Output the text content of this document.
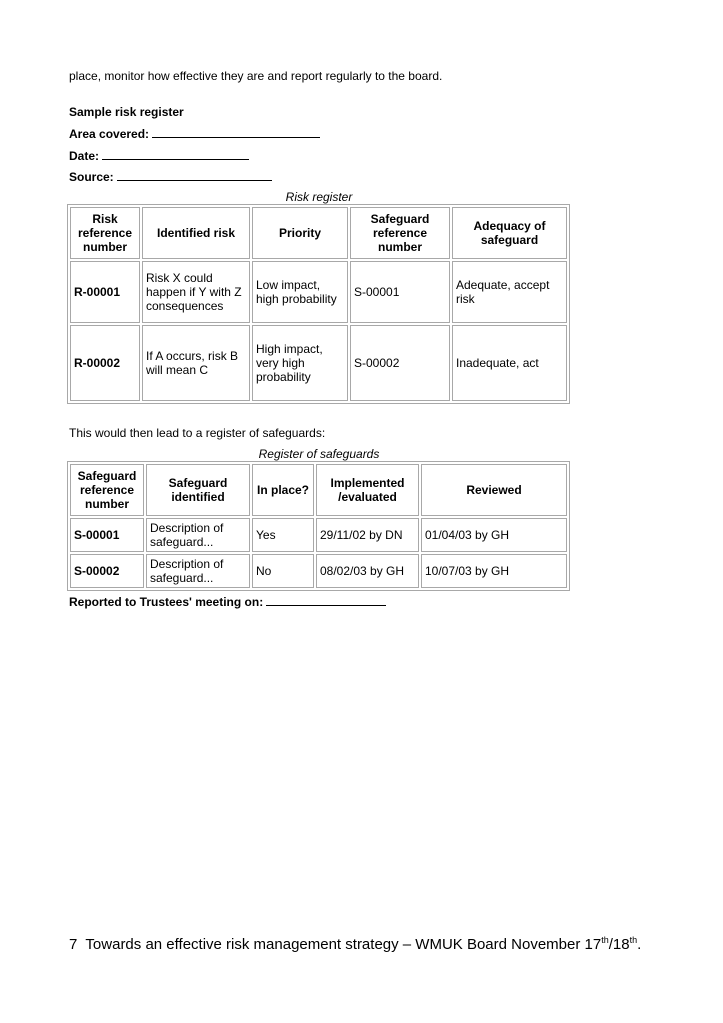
place, monitor how effective they are and report regularly to the board.
Sample risk register
Area covered:
Date:
Source:
Risk register
Risk reference number	Identified risk	Priority	Safeguard reference number	Adequacy of safeguard
R-00001	Risk X could happen if Y with Z consequences	Low impact, high probability	S-00001	Adequate, accept risk
R-00002	If A occurs, risk B will mean C	High impact, very high probability	S-00002	Inadequate, act
This would then lead to a register of safeguards:
Register of safeguards
Safeguard reference number	Safeguard identified	In place?	Implemented /evaluated	Reviewed
S-00001	Description of safeguard...	Yes	29/11/02 by DN	01/04/03 by GH
S-00002	Description of safeguard...	No	08/02/03 by GH	10/07/03 by GH
Reported to Trustees' meeting on:
7 Towards an effective risk management strategy – WMUK Board November 17th/18th.
